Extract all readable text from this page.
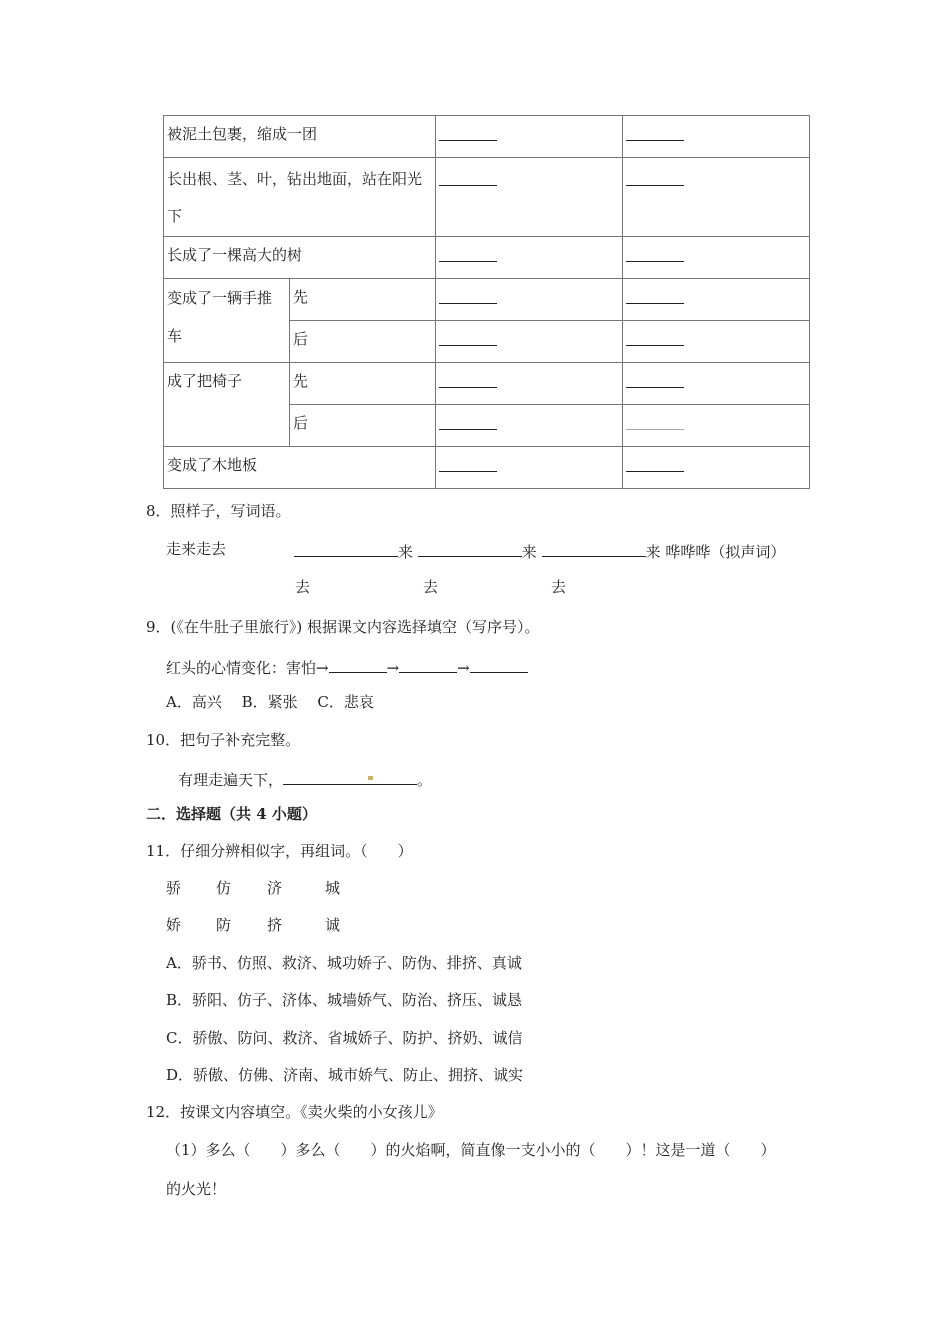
被泥土包裹，缩成一团			
长出根、茎、叶，钻出地面，站在阳光下			
长成了一棵高大的树			
变成了一辆手推车	先		
	后		
成了把椅子	先		
	后		
变成了木地板			
8．照样子，写词语。
走来走去	来	来	来 哗哗哗（拟声词）
去	去	去
9．(《在牛肚子里旅行》) 根据课文内容选择填空（写序号）。
红头的心情变化：害怕→	→	→
A．高兴　 B．紧张　 C．悲哀
10．把句子补充完整。
有理走遍天下，	。
二．选择题（共 4 小题）
11．仔细分辨相似字，再组词。（　　）
骄 仿 济	城
娇 防 挤	诚
A．骄书、仿照、救济、城功娇子、防伪、排挤、真诚
B．骄阳、仿子、济体、城墙娇气、防治、挤压、诚恳
C．骄傲、防问、救济、省城娇子、防护、挤奶、诚信
D．骄傲、仿佛、济南、城市娇气、防止、拥挤、诚实
12．按课文内容填空。《卖火柴的小女孩儿》
（1）多么（　　）多么（　　）的火焰啊，简直像一支小小的（　　）！这是一道（　　）
的火光！
